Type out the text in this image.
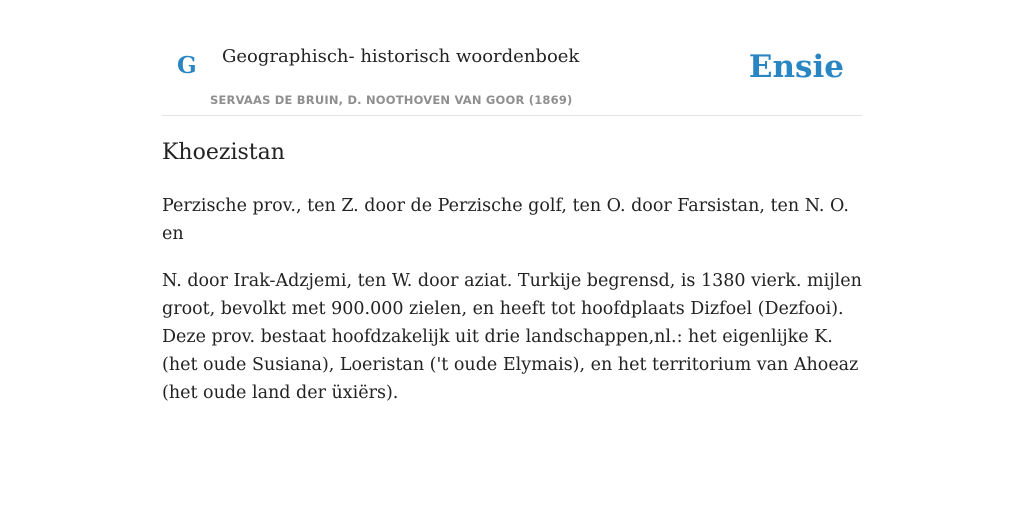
G Geographisch- historisch woordenboek
SERVAAS DE BRUIN, D. NOOTHOVEN VAN GOOR (1869)
Ensie
Khoezistan

Perzische prov., ten Z. door de Perzische golf, ten O. door Farsistan, ten N. O. en

N. door Irak-Adzjemi, ten W. door aziat. Turkije begrensd, is 1380 vierk. mijlen groot, bevolkt met 900.000 zielen, en heeft tot hoofdplaats Dizfoel (Dezfooi). Deze prov. bestaat hoofdzakelijk uit drie landschappen,nl.: het eigenlijke K.(het oude Susiana), Loeristan ('t oude Elymais), en het territorium van Ahoeaz (het oude land der üxiërs).
